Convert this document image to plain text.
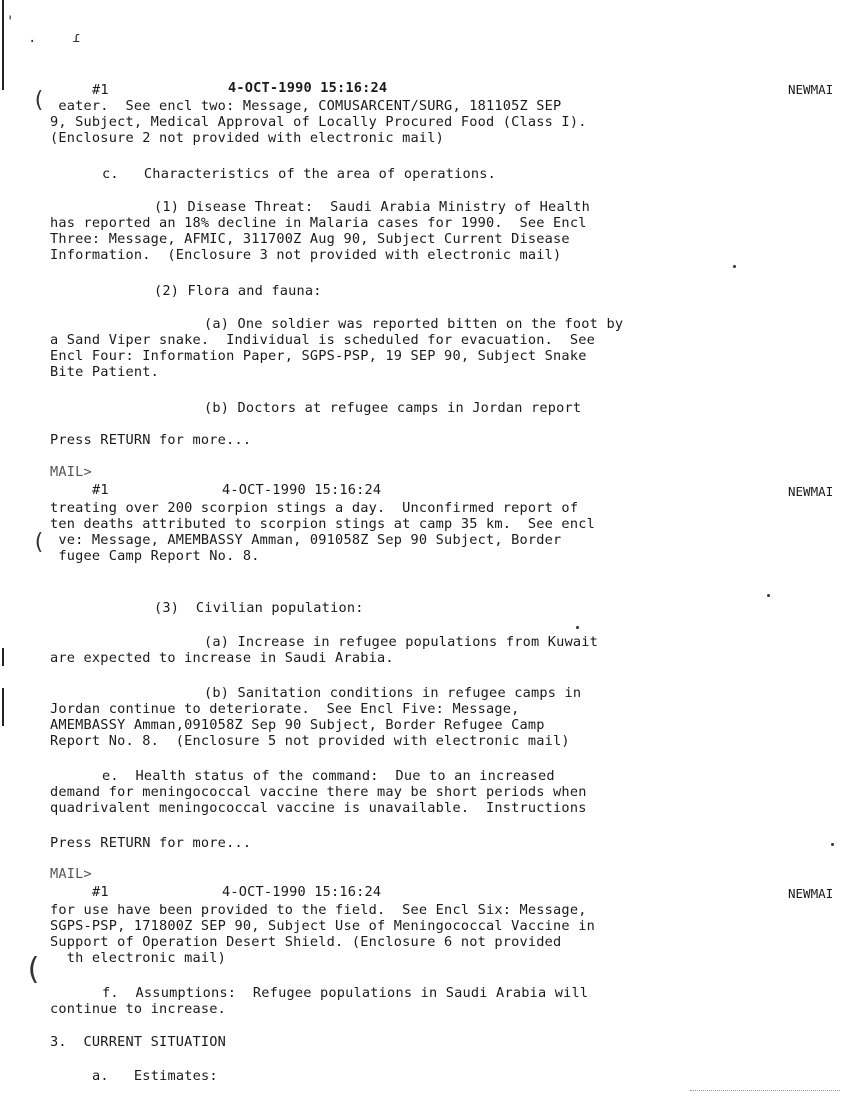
'
.	ɾ
(
(
(
#1	4-OCT-1990 15:16:24	NEWMAI
eater.  See encl two: Message, COMUSARCENT/SURG, 181105Z SEP
9, Subject, Medical Approval of Locally Procured Food (Class I).
(Enclosure 2 not provided with electronic mail)
c.   Characteristics of the area of operations.
(1) Disease Threat:  Saudi Arabia Ministry of Health
has reported an 18% decline in Malaria cases for 1990.  See Encl
Three: Message, AFMIC, 311700Z Aug 90, Subject Current Disease
Information.  (Enclosure 3 not provided with electronic mail)
(2) Flora and fauna:
(a) One soldier was reported bitten on the foot by
a Sand Viper snake.  Individual is scheduled for evacuation.  See
Encl Four: Information Paper, SGPS-PSP, 19 SEP 90, Subject Snake
Bite Patient.
(b) Doctors at refugee camps in Jordan report
Press RETURN for more...
MAIL>
#1	4-OCT-1990 15:16:24	NEWMAI
treating over 200 scorpion stings a day.  Unconfirmed report of
ten deaths attributed to scorpion stings at camp 35 km.  See encl
ve: Message, AMEMBASSY Amman, 091058Z Sep 90 Subject, Border
fugee Camp Report No. 8.
(3)  Civilian population:
(a) Increase in refugee populations from Kuwait
are expected to increase in Saudi Arabia.
(b) Sanitation conditions in refugee camps in
Jordan continue to deteriorate.  See Encl Five: Message,
AMEMBASSY Amman,091058Z Sep 90 Subject, Border Refugee Camp
Report No. 8.  (Enclosure 5 not provided with electronic mail)
e.  Health status of the command:  Due to an increased
demand for meningococcal vaccine there may be short periods when
quadrivalent meningococcal vaccine is unavailable.  Instructions
Press RETURN for more...
MAIL>
#1	4-OCT-1990 15:16:24	NEWMAI
for use have been provided to the field.  See Encl Six: Message,
SGPS-PSP, 171800Z SEP 90, Subject Use of Meningococcal Vaccine in
Support of Operation Desert Shield. (Enclosure 6 not provided
th electronic mail)
f.  Assumptions:  Refugee populations in Saudi Arabia will
continue to increase.
3.  CURRENT SITUATION
a.   Estimates:
